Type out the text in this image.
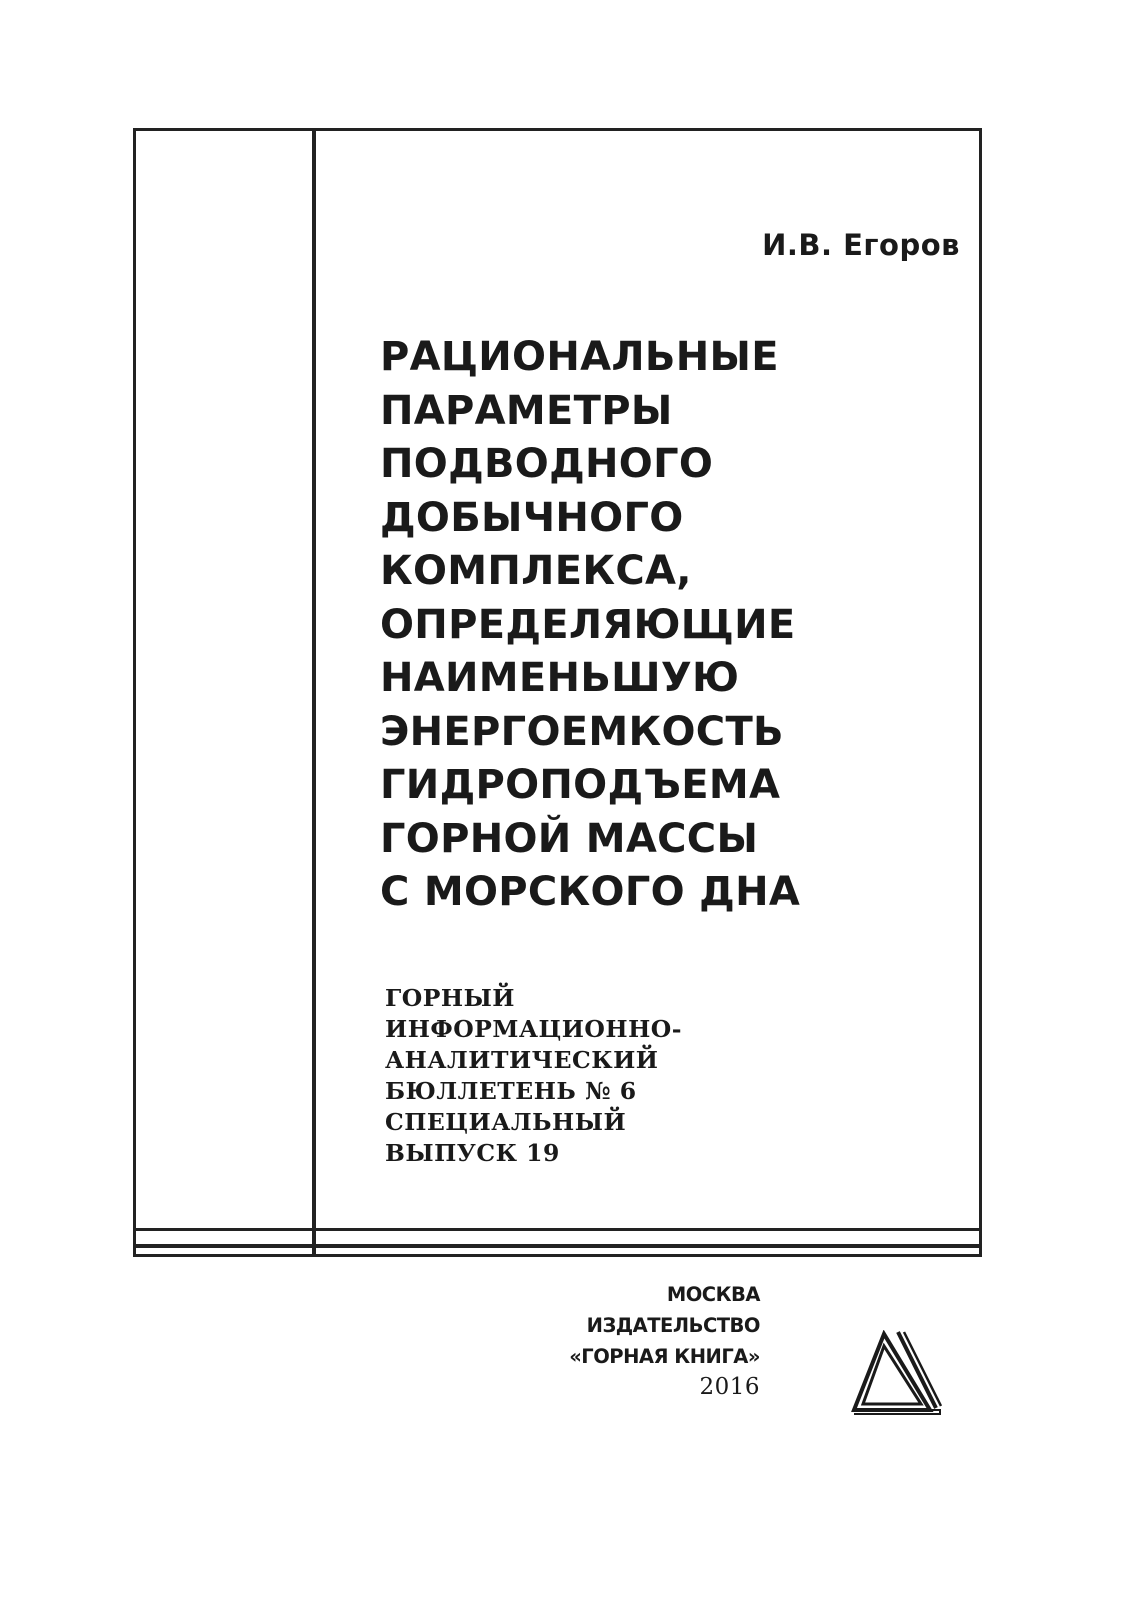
И.В. Егоров
РАЦИОНАЛЬНЫЕ
ПАРАМЕТРЫ
ПОДВОДНОГО
ДОБЫЧНОГО
КОМПЛЕКСА,
ОПРЕДЕЛЯЮЩИЕ
НАИМЕНЬШУЮ
ЭНЕРГОЕМКОСТЬ
ГИДРОПОДЪЕМА
ГОРНОЙ МАССЫ
С МОРСКОГО ДНА
ГОРНЫЙ
ИНФОРМАЦИОННО-
АНАЛИТИЧЕСКИЙ
БЮЛЛЕТЕНЬ № 6
СПЕЦИАЛЬНЫЙ
ВЫПУСК 19
МОСКВА
ИЗДАТЕЛЬСТВО
«ГОРНАЯ КНИГА»
2016
